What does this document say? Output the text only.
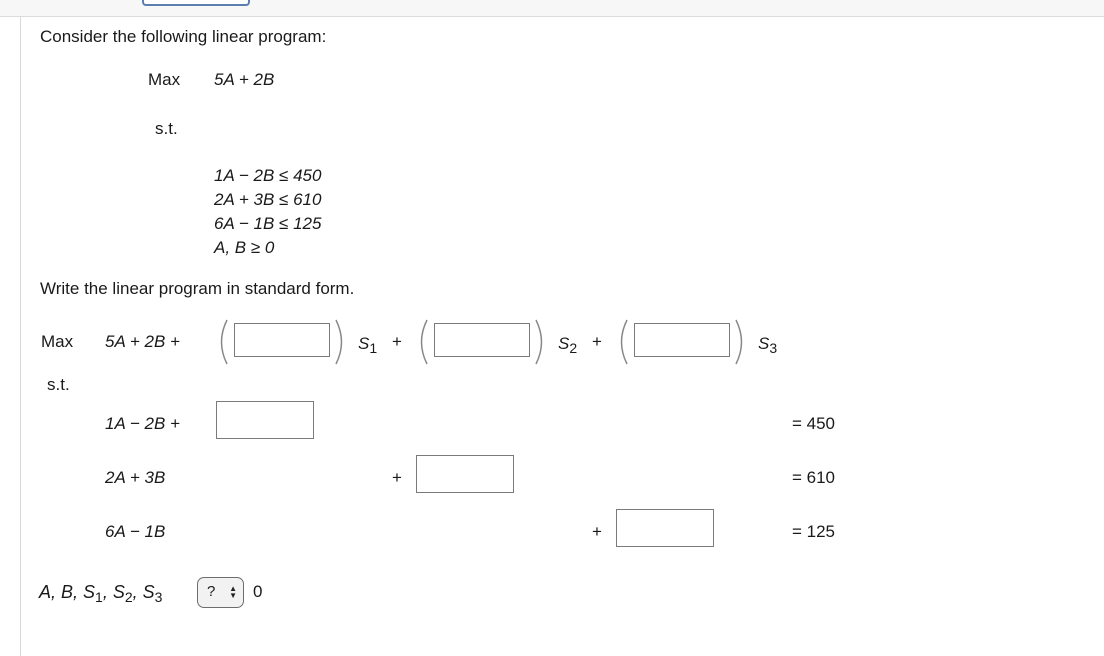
Consider the following linear program:
Max 5A + 2B
s.t.
1A − 2B ≤ 450
2A + 3B ≤ 610
6A − 1B ≤ 125
A, B ≥ 0
Write the linear program in standard form.
Max 5A + 2B +	$S_1$ +	$S_2$ +	$S_3$
s.t.
1A − 2B +	= 450
2A + 3B	+	= 610
6A − 1B	+	= 125
A, B, $S_1$, $S_2$, $S_3$	? ▲
▼ 0
